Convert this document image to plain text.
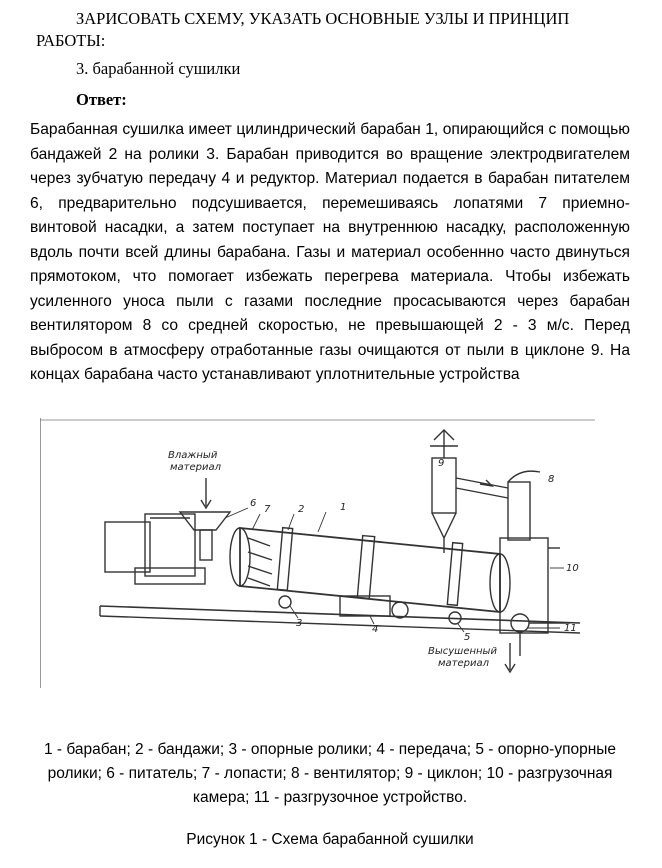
ЗАРИСОВАТЬ СХЕМУ, УКАЗАТЬ ОСНОВНЫЕ УЗЛЫ И ПРИНЦИП РАБОТЫ:
3. барабанной сушилки
Ответ:
Барабанная сушилка имеет цилиндрический барабан 1, опирающийся с помощью бандажей 2 на ролики 3. Барабан приводится во вращение электродвигателем через зубчатую передачу 4 и редуктор. Материал подается в барабан питателем 6, предварительно подсушивается, перемешиваясь лопатями 7 приемно-винтовой насадки, а затем поступает на внутреннюю насадку, расположенную вдоль почти всей длины барабана. Газы и материал особеннно часто двинуться прямотоком, что помогает избежать перегрева материала. Чтобы избежать усиленного уноса пыли с газами последние просасываются через барабан вентилятором 8 со средней скоростью, не превышающей 2 - 3 м/с. Перед выбросом в атмосферу отработанные газы очищаются от пыли в циклоне 9. На концах барабана часто устанавливают уплотнительные устройства
Влажный
материал
Высушенный
материал
1
2
3
4
5
6
7
8
9
10
11
1 - барабан; 2 - бандажи; 3 - опорные ролики; 4 - передача; 5 - опорно-упорные ролики; 6 - питатель; 7 - лопасти; 8 - вентилятор; 9 - циклон; 10 - разгрузочная камера; 11 - разгрузочное устройство.
Рисунок 1 - Схема барабанной сушилки
